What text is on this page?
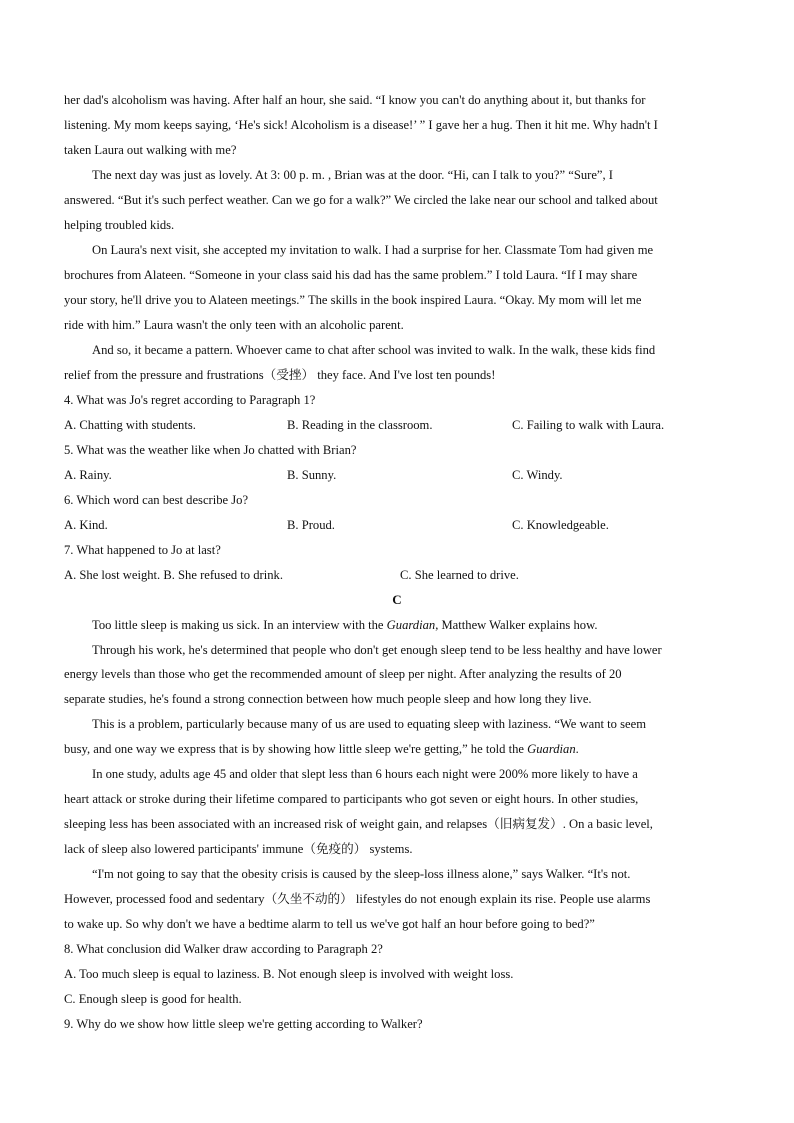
her dad's alcoholism was having. After half an hour, she said. “I know you can't do anything about it, but thanks for
listening. My mom keeps saying, ‘He's sick! Alcoholism is a disease!’ ” I gave her a hug. Then it hit me. Why hadn't I
taken Laura out walking with me?
The next day was just as lovely. At 3: 00 p. m. , Brian was at the door. “Hi, can I talk to you?” “Sure”, I
answered. “But it's such perfect weather. Can we go for a walk?” We circled the lake near our school and talked about
helping troubled kids.
On Laura's next visit, she accepted my invitation to walk. I had a surprise for her. Classmate Tom had given me
brochures from Alateen. “Someone in your class said his dad has the same problem.” I told Laura. “If I may share
your story, he'll drive you to Alateen meetings.” The skills in the book inspired Laura. “Okay. My mom will let me
ride with him.” Laura wasn't the only teen with an alcoholic parent.
And so, it became a pattern. Whoever came to chat after school was invited to walk. In the walk, these kids find
relief from the pressure and frustrations（受挫） they face. And I've lost ten pounds!
4. What was Jo's regret according to Paragraph 1?
A. Chatting with students.	B. Reading in the classroom.	C. Failing to walk with Laura.
5. What was the weather like when Jo chatted with Brian?
A. Rainy.	B. Sunny.	C. Windy.
6. Which word can best describe Jo?
A. Kind.	B. Proud.	C. Knowledgeable.
7. What happened to Jo at last?
A. She lost weight. B. She refused to drink.	C. She learned to drive.
C
Too little sleep is making us sick. In an interview with the Guardian, Matthew Walker explains how.
Through his work, he's determined that people who don't get enough sleep tend to be less healthy and have lower
energy levels than those who get the recommended amount of sleep per night. After analyzing the results of 20
separate studies, he's found a strong connection between how much people sleep and how long they live.
This is a problem, particularly because many of us are used to equating sleep with laziness. “We want to seem
busy, and one way we express that is by showing how little sleep we're getting,” he told the Guardian.
In one study, adults age 45 and older that slept less than 6 hours each night were 200% more likely to have a
heart attack or stroke during their lifetime compared to participants who got seven or eight hours. In other studies,
sleeping less has been associated with an increased risk of weight gain, and relapses（旧病复发）. On a basic level,
lack of sleep also lowered participants' immune（免疫的） systems.
“I'm not going to say that the obesity crisis is caused by the sleep-loss illness alone,” says Walker. “It's not.
However, processed food and sedentary（久坐不动的） lifestyles do not enough explain its rise. People use alarms
to wake up. So why don't we have a bedtime alarm to tell us we've got half an hour before going to bed?”
8. What conclusion did Walker draw according to Paragraph 2?
A. Too much sleep is equal to laziness. B. Not enough sleep is involved with weight loss.
C. Enough sleep is good for health.
9. Why do we show how little sleep we're getting according to Walker?
